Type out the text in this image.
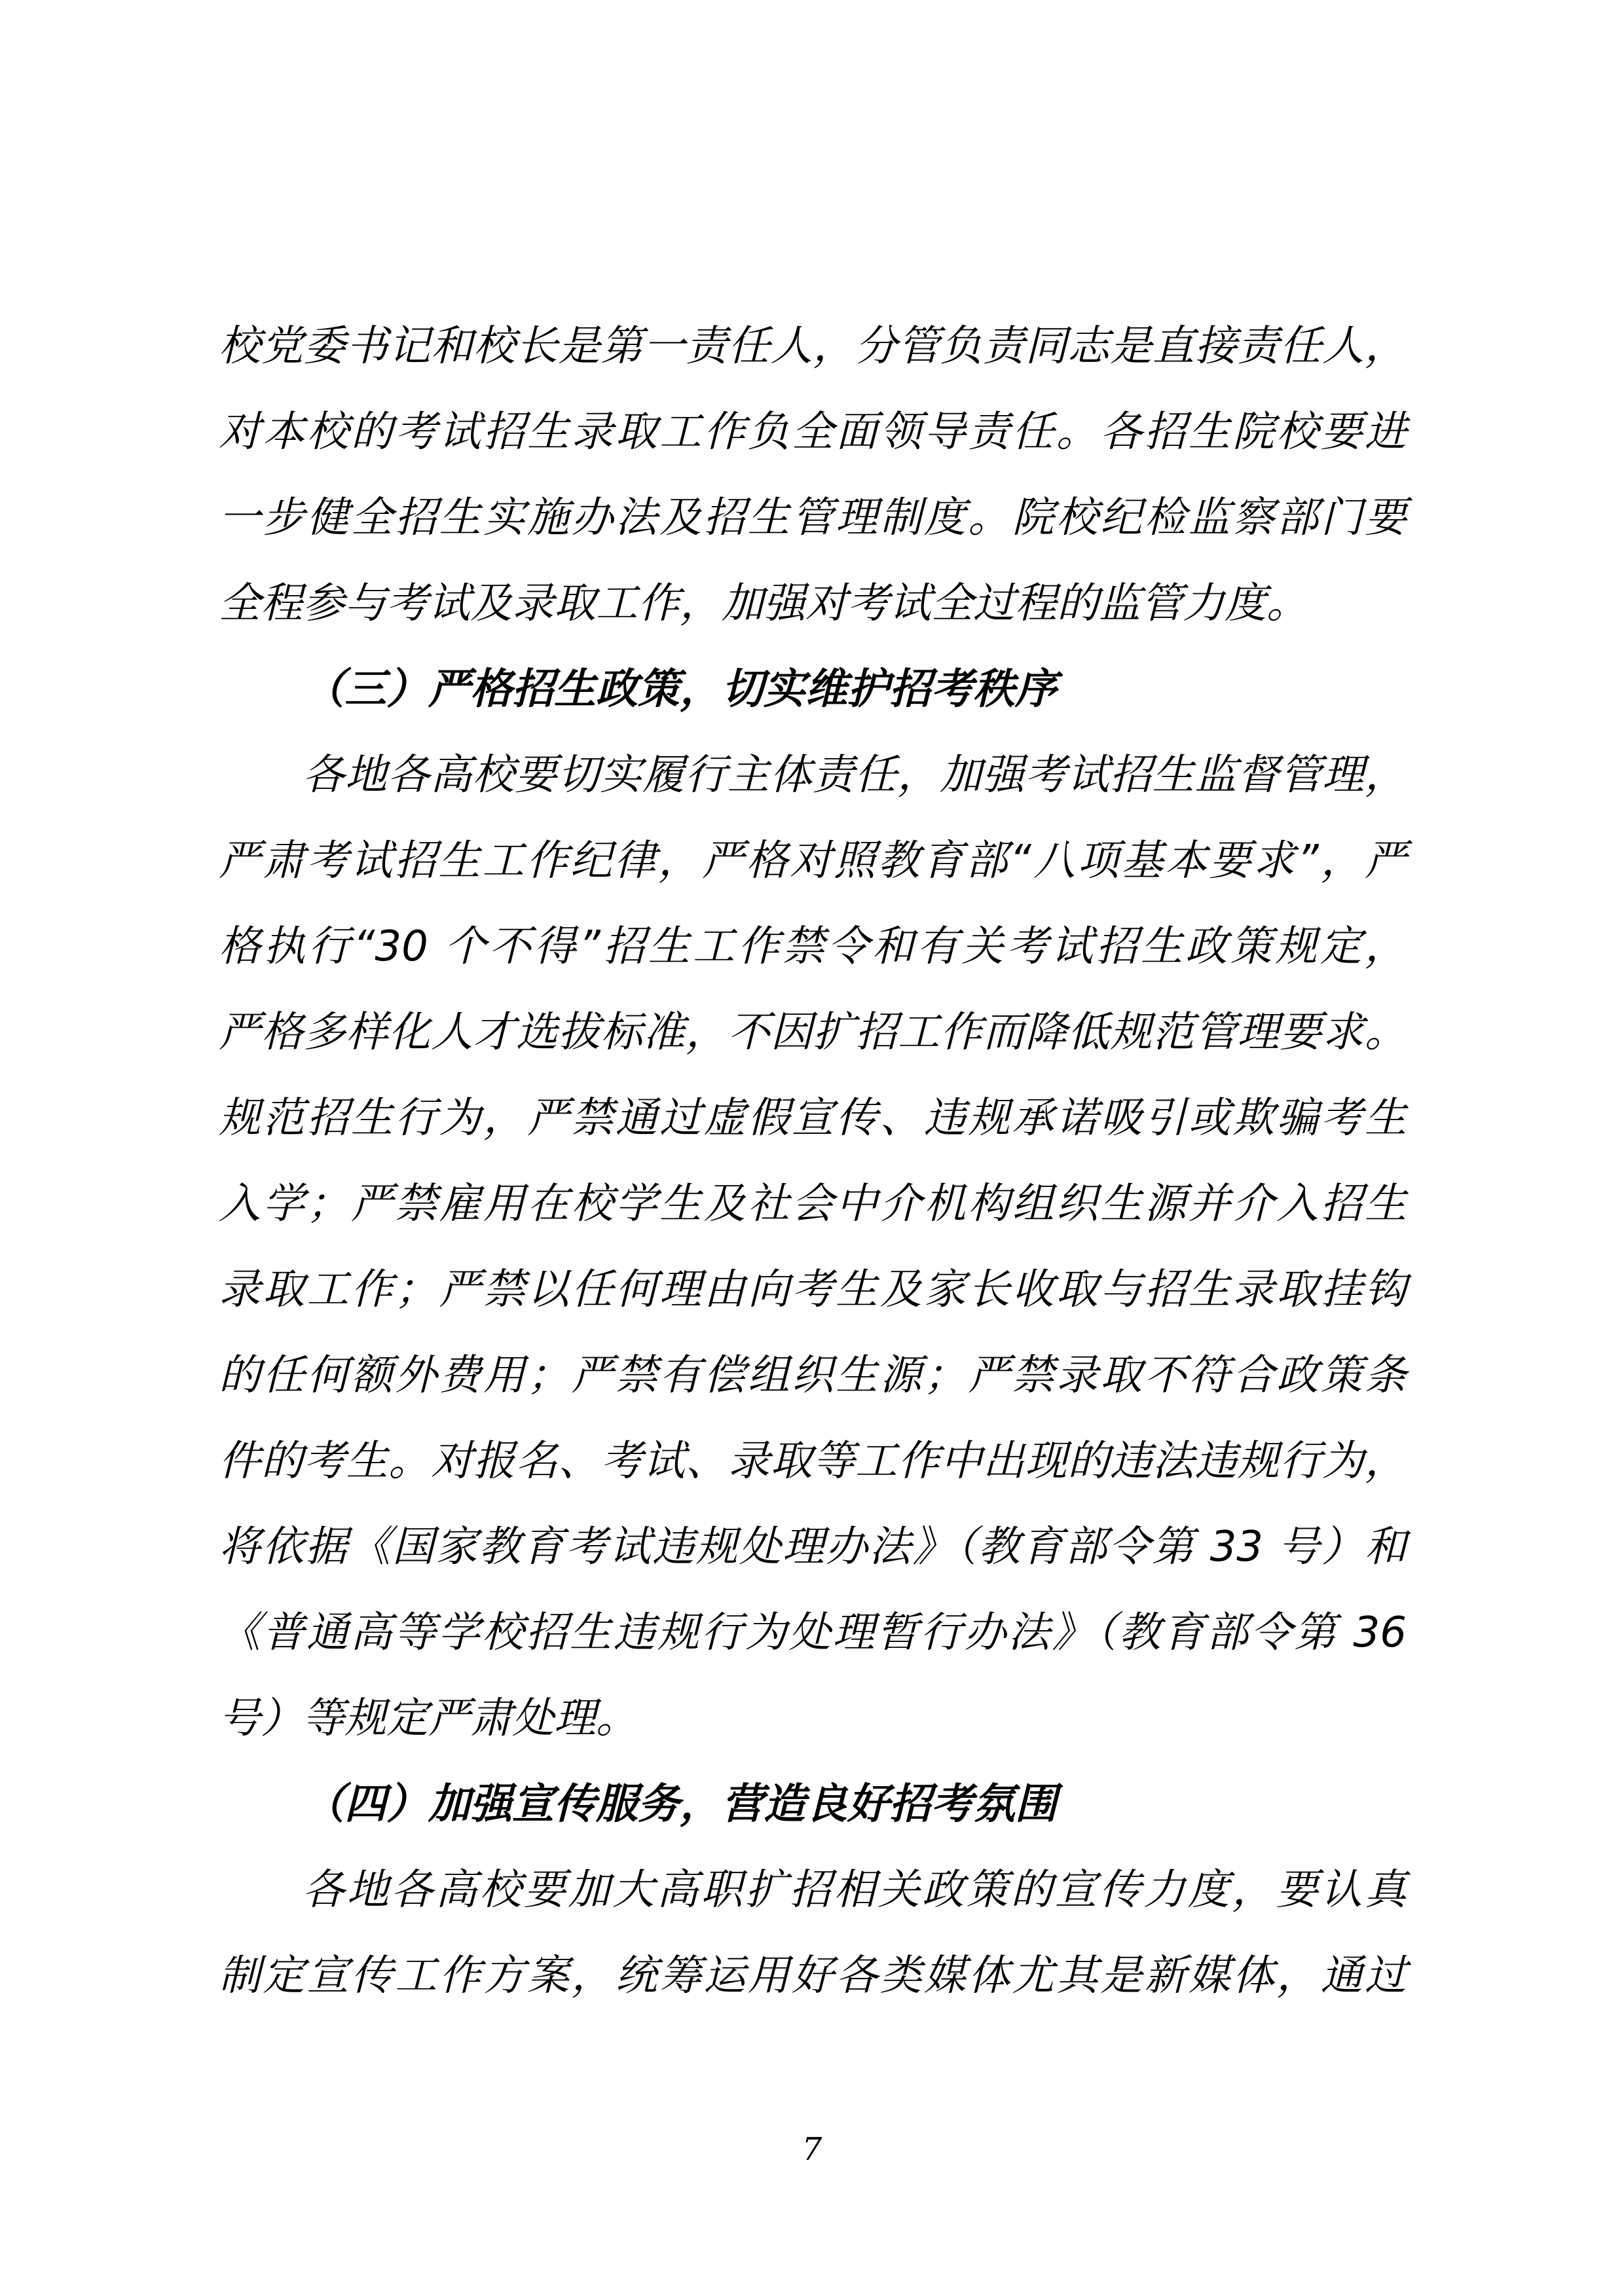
校党委书记和校长是第一责任人，分管负责同志是直接责任人，
对本校的考试招生录取工作负全面领导责任。各招生院校要进
一步健全招生实施办法及招生管理制度。院校纪检监察部门要
全程参与考试及录取工作，加强对考试全过程的监管力度。
（三）严格招生政策，切实维护招考秩序
各地各高校要切实履行主体责任，加强考试招生监督管理，
严肃考试招生工作纪律，严格对照教育部“八项基本要求”，严
格执行“30 个不得”招生工作禁令和有关考试招生政策规定，
严格多样化人才选拔标准，不因扩招工作而降低规范管理要求。
规范招生行为，严禁通过虚假宣传、违规承诺吸引或欺骗考生
入学；严禁雇用在校学生及社会中介机构组织生源并介入招生
录取工作；严禁以任何理由向考生及家长收取与招生录取挂钩
的任何额外费用；严禁有偿组织生源；严禁录取不符合政策条
件的考生。对报名、考试、录取等工作中出现的违法违规行为，
将依据《国家教育考试违规处理办法》（教育部令第 33 号）和
《普通高等学校招生违规行为处理暂行办法》（教育部令第 36
号）等规定严肃处理。
（四）加强宣传服务，营造良好招考氛围
各地各高校要加大高职扩招相关政策的宣传力度，要认真
制定宣传工作方案，统筹运用好各类媒体尤其是新媒体，通过
7
